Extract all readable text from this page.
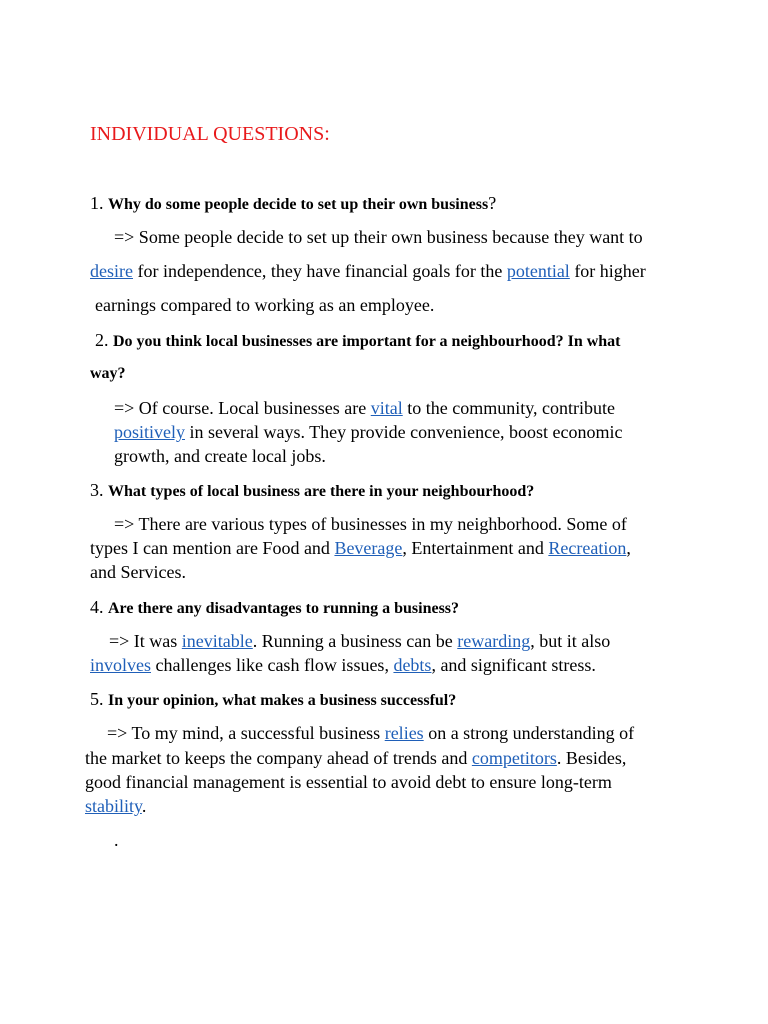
INDIVIDUAL QUESTIONS:
1. Why do some people decide to set up their own business?
=> Some people decide to set up their own business because they want to
desire for independence, they have financial goals for the potential for higher
earnings compared to working as an employee.
2. Do you think local businesses are important for a neighbourhood? In what
way?
=> Of course. Local businesses are vital to the community, contribute
positively in several ways. They provide convenience, boost economic
growth, and create local jobs.
3. What types of local business are there in your neighbourhood?
=> There are various types of businesses in my neighborhood. Some of
types I can mention are Food and Beverage, Entertainment and Recreation,
and Services.
4. Are there any disadvantages to running a business?
=> It was inevitable. Running a business can be rewarding, but it also
involves challenges like cash flow issues, debts, and significant stress.
5. In your opinion, what makes a business successful?
=> To my mind, a successful business relies on a strong understanding of
the market to keeps the company ahead of trends and competitors. Besides,
good financial management is essential to avoid debt to ensure long-term
stability.
.
